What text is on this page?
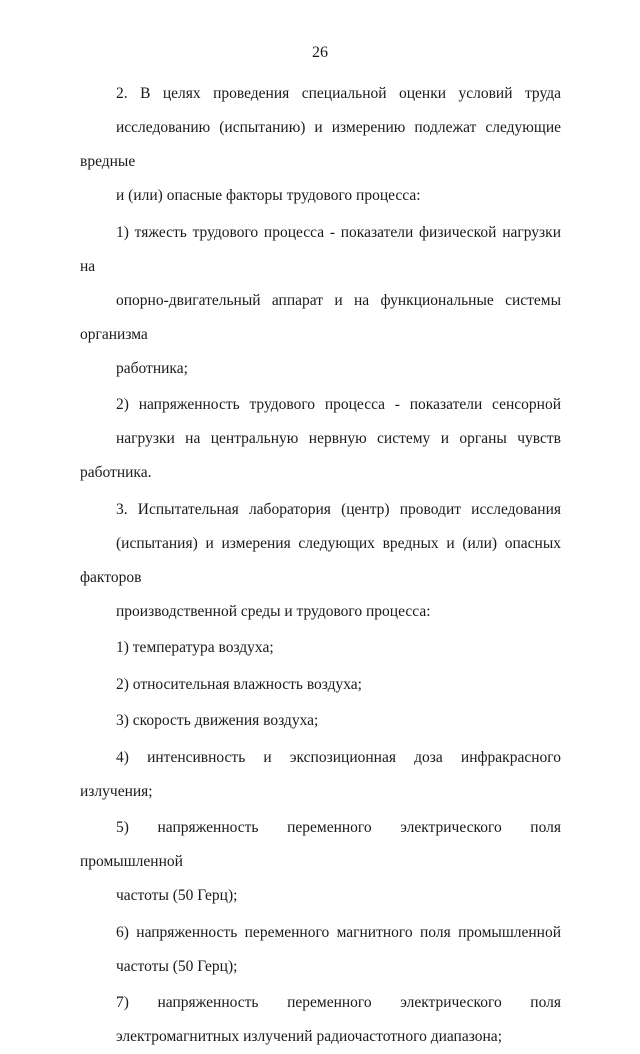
26

2. В целях проведения специальной оценки условий труда
исследованию (испытанию) и измерению подлежат следующие вредные
и (или) опасные факторы трудового процесса:

1) тяжесть трудового процесса - показатели физической нагрузки на
опорно-двигательный аппарат и на функциональные системы организма
работника;

2) напряженность трудового процесса - показатели сенсорной
нагрузки на центральную нервную систему и органы чувств работника.

3. Испытательная лаборатория (центр) проводит исследования
(испытания) и измерения следующих вредных и (или) опасных факторов
производственной среды и трудового процесса:

1) температура воздуха;

2) относительная влажность воздуха;

3) скорость движения воздуха;

4) интенсивность и экспозиционная доза инфракрасного излучения;

5) напряженность переменного электрического поля промышленной
частоты (50 Герц);

6) напряженность переменного магнитного поля промышленной
частоты (50 Герц);

7) напряженность переменного электрического поля
электромагнитных излучений радиочастотного диапазона;
